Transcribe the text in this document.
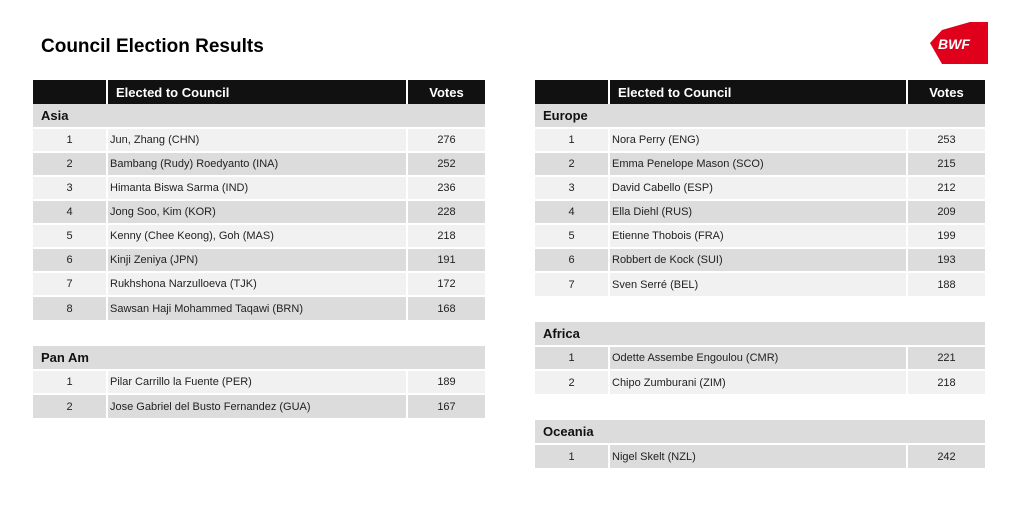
Council Election Results	BWF
	Elected to Council	Votes
Asia		
1	Jun, Zhang (CHN)	276
2	Bambang (Rudy) Roedyanto (INA)	252
3	Himanta Biswa Sarma (IND)	236
4	Jong Soo, Kim (KOR)	228
5	Kenny (Chee Keong), Goh (MAS)	218
6	Kinji Zeniya (JPN)	191
7	Rukhshona Narzulloeva (TJK)	172
8	Sawsan Haji Mohammed Taqawi (BRN)	168
Pan Am		
1	Pilar Carrillo la Fuente (PER)	189
2	Jose Gabriel del Busto Fernandez (GUA)	167
	Elected to Council	Votes
Europe		
1	Nora Perry (ENG)	253
2	Emma Penelope Mason (SCO)	215
3	David Cabello (ESP)	212
4	Ella Diehl (RUS)	209
5	Etienne Thobois (FRA)	199
6	Robbert de Kock (SUI)	193
7	Sven Serré (BEL)	188
Africa		
1	Odette Assembe Engoulou (CMR)	221
2	Chipo Zumburani (ZIM)	218
Oceania
1	Nigel Skelt (NZL)	242
